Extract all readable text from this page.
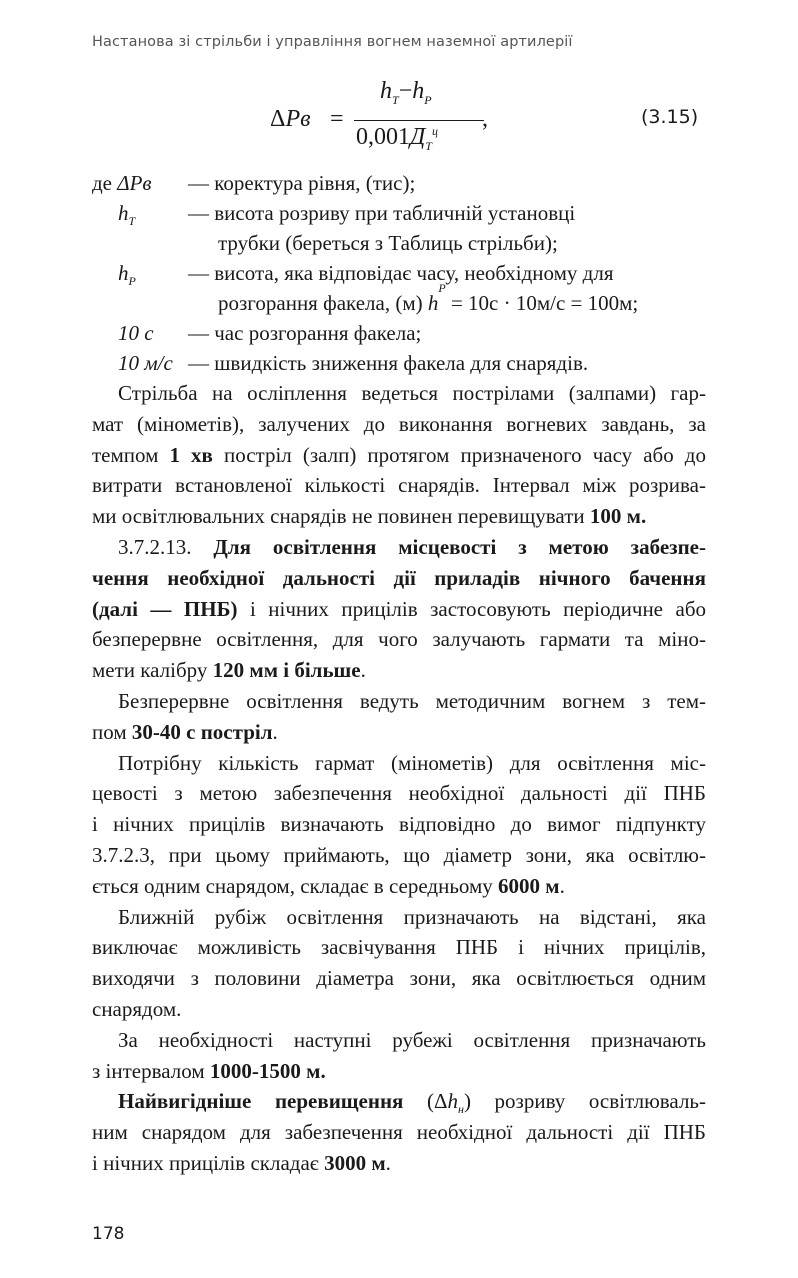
Настанова зі стрільби і управління вогнем наземної артилерії
ΔPв =
$h_Т-h_Р$
$0,001Д_Т^ц$ ,	(3.15)
де ΔPв	— коректура рівня, (тис);
$h_Т$	— висота розриву при табличній установці
трубки (береться з Таблиць стрільби);
$h_Р$	— висота, яка відповідає часу, необхідному для
розгорання факела, (м) h
Р
= 10с · 10м/с = 100м;
10 с	— час розгорання факела;
10 м/с — швидкість зниження факела для снарядів.
Стрільба на осліплення ведеться пострілами (залпами) гар-
мат (мінометів), залучених до виконання вогневих завдань, за
темпом 1 хв постріл (залп) протягом призначеного часу або до
витрати встановленої кількості снарядів. Інтервал між розрива-
ми освітлювальних снарядів не повинен перевищувати 100 м.
3.7.2.13. Для освітлення місцевості з метою забезпе-
чення необхідної дальності дії приладів нічного бачення
(далі — ПНБ) і нічних прицілів застосовують періодичне або
безперервне освітлення, для чого залучають гармати та міно-
мети калібру 120 мм і більше.
Безперервне освітлення ведуть методичним вогнем з тем-
пом 30-40 с постріл.
Потрібну кількість гармат (мінометів) для освітлення міс-
цевості з метою забезпечення необхідної дальності дії ПНБ
і нічних прицілів визначають відповідно до вимог підпункту
3.7.2.3, при цьому приймають, що діаметр зони, яка освітлю-
ється одним снарядом, складає в середньому 6000 м.
Ближній рубіж освітлення призначають на відстані, яка
виключає можливість засвічування ПНБ і нічних прицілів,
виходячи з половини діаметра зони, яка освітлюється одним
снарядом.
За необхідності наступні рубежі освітлення призначають
з інтервалом 1000-1500 м.
Найвигідніше перевищення $(\Delta h_н)$ розриву освітлюваль-
ним снарядом для забезпечення необхідної дальності дії ПНБ
і нічних прицілів складає 3000 м.
178
